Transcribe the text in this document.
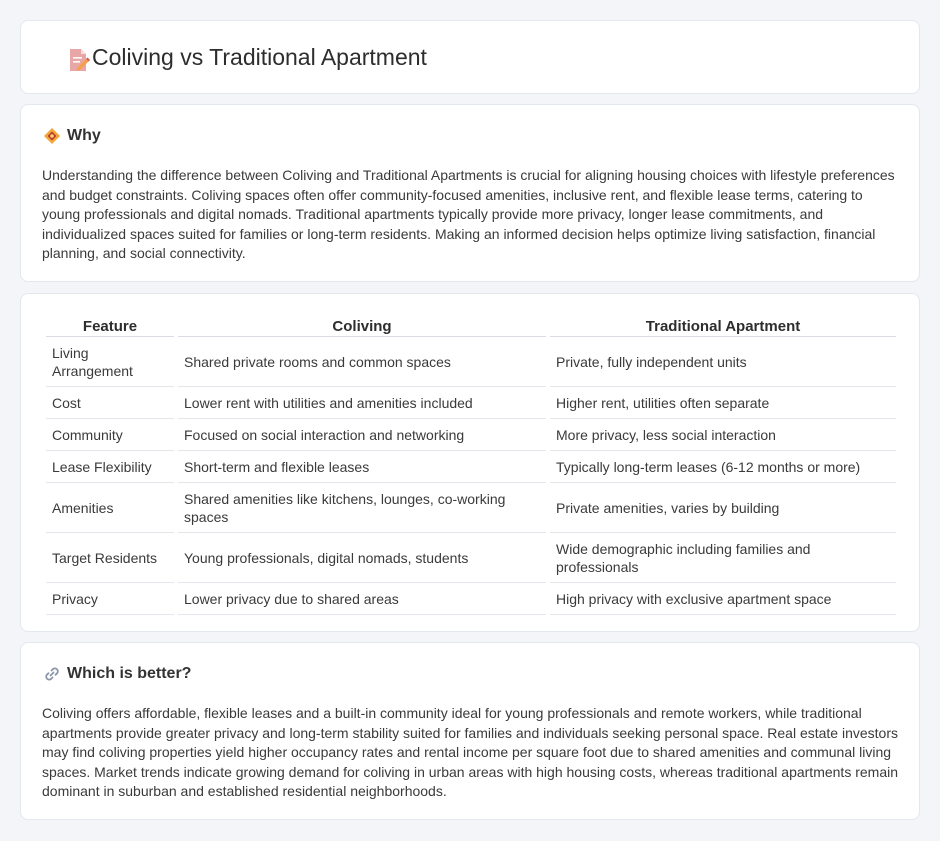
Coliving vs Traditional Apartment
Why

Understanding the difference between Coliving and Traditional Apartments is crucial for aligning housing choices with lifestyle preferences and budget constraints. Coliving spaces often offer community-focused amenities, inclusive rent, and flexible lease terms, catering to young professionals and digital nomads. Traditional apartments typically provide more privacy, longer lease commitments, and individualized spaces suited for families or long-term residents. Making an informed decision helps optimize living satisfaction, financial planning, and social connectivity.

Feature	Coliving	Traditional Apartment
Living Arrangement	Shared private rooms and common spaces	Private, fully independent units
Cost	Lower rent with utilities and amenities included	Higher rent, utilities often separate
Community	Focused on social interaction and networking	More privacy, less social interaction
Lease Flexibility	Short-term and flexible leases	Typically long-term leases (6-12 months or more)
Amenities	Shared amenities like kitchens, lounges, co-working spaces	Private amenities, varies by building
Target Residents	Young professionals, digital nomads, students	Wide demographic including families and professionals
Privacy	Lower privacy due to shared areas	High privacy with exclusive apartment space
Which is better?

Coliving offers affordable, flexible leases and a built-in community ideal for young professionals and remote workers, while traditional apartments provide greater privacy and long-term stability suited for families and individuals seeking personal space. Real estate investors may find coliving properties yield higher occupancy rates and rental income per square foot due to shared amenities and communal living spaces. Market trends indicate growing demand for coliving in urban areas with high housing costs, whereas traditional apartments remain dominant in suburban and established residential neighborhoods.
